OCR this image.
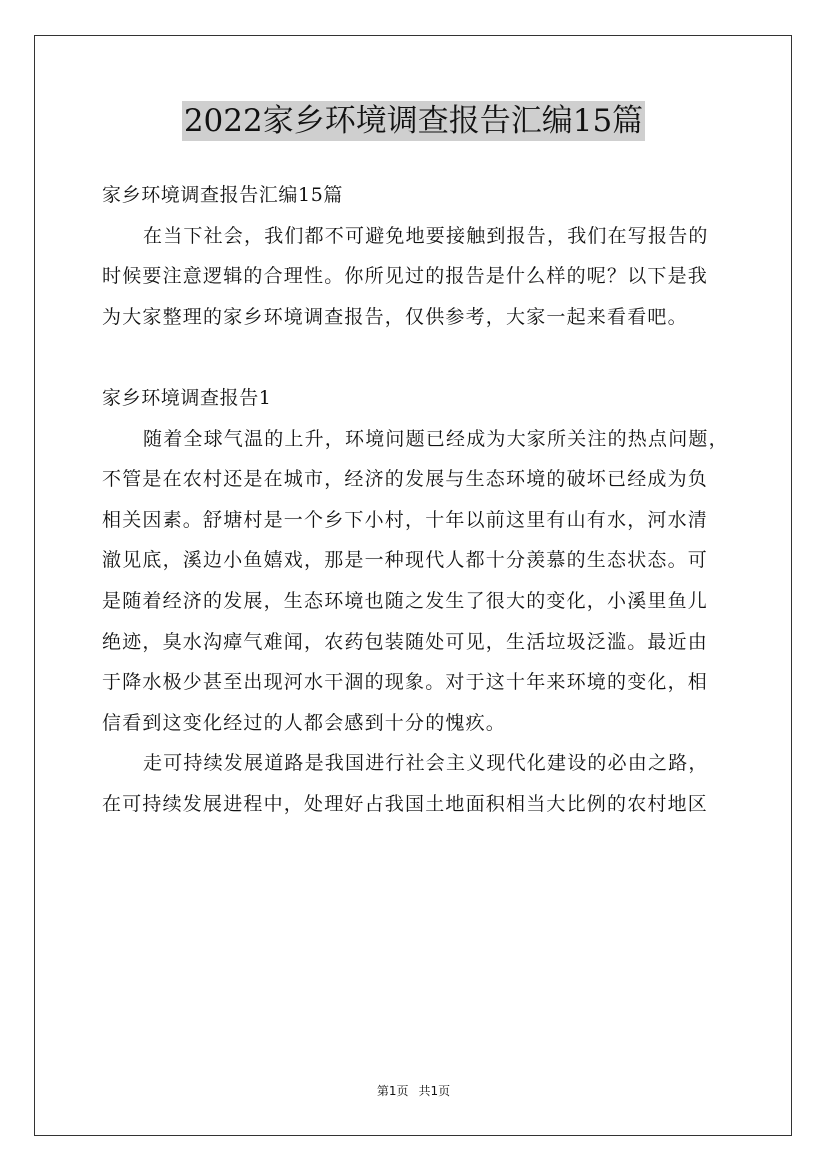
2022家乡环境调查报告汇编15篇
家乡环境调查报告汇编15篇
在当下社会，我们都不可避免地要接触到报告，我们在写报告的
时候要注意逻辑的合理性。你所见过的报告是什么样的呢？以下是我
为大家整理的家乡环境调查报告，仅供参考，大家一起来看看吧。
家乡环境调查报告1
随着全球气温的上升，环境问题已经成为大家所关注的热点问题，
不管是在农村还是在城市，经济的发展与生态环境的破坏已经成为负
相关因素。舒塘村是一个乡下小村，十年以前这里有山有水，河水清
澈见底，溪边小鱼嬉戏，那是一种现代人都十分羡慕的生态状态。可
是随着经济的发展，生态环境也随之发生了很大的变化，小溪里鱼儿
绝迹，臭水沟瘴气难闻，农药包装随处可见，生活垃圾泛滥。最近由
于降水极少甚至出现河水干涸的现象。对于这十年来环境的变化，相
信看到这变化经过的人都会感到十分的愧疚。
走可持续发展道路是我国进行社会主义现代化建设的必由之路，
在可持续发展进程中，处理好占我国土地面积相当大比例的农村地区
第1页 共1页
